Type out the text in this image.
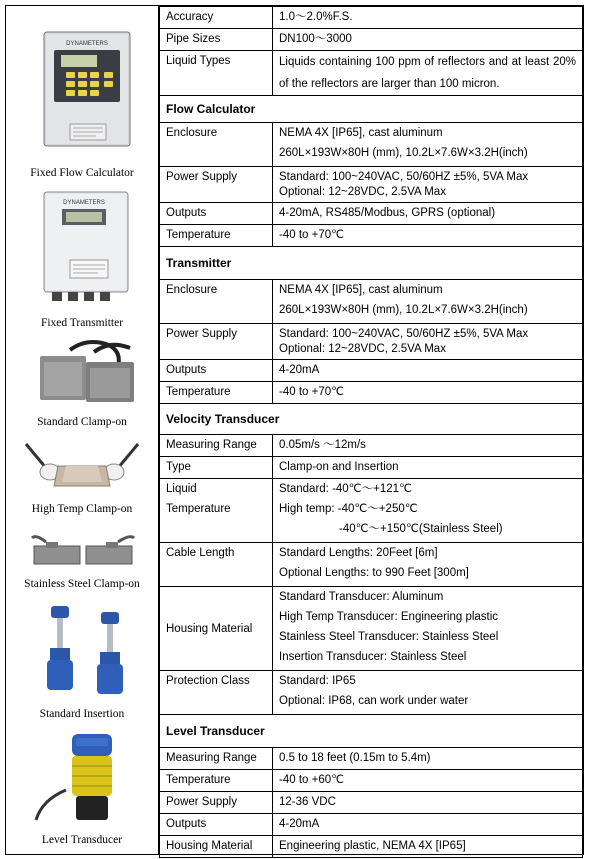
DYNAMETERS
Fixed Flow Calculator
DYNAMETERS
Fixed Transmitter
Standard Clamp-on
High Temp Clamp-on
Stainless Steel Clamp-on
Standard Insertion
Level Transducer
Accuracy	1.0～2.0%F.S.
Pipe Sizes	DN100～3000
Liquid Types	Liquids containing 100 ppm of reflectors and at least 20% of the reflectors are larger than 100 micron.
Flow Calculator	
Enclosure	NEMA 4X [IP65], cast aluminum
260L×193W×80H (mm), 10.2L×7.6W×3.2H(inch)

Power Supply	Standard: 100~240VAC, 50/60HZ ±5%, 5VA Max
Optional: 12~28VDC, 2.5VA Max

Outputs	4-20mA, RS485/Modbus, GPRS (optional)
Temperature	-40 to +70℃
Transmitter	
Enclosure	NEMA 4X [IP65], cast aluminum
260L×193W×80H (mm), 10.2L×7.6W×3.2H(inch)

Power Supply	Standard: 100~240VAC, 50/60HZ ±5%, 5VA Max
Optional: 12~28VDC, 2.5VA Max

Outputs	4-20mA
Temperature	-40 to +70℃
Velocity Transducer	
Measuring Range	0.05m/s ～12m/s
Type	Clamp-on and Insertion

Liquid
Temperature	Standard: -40℃～+121℃
High temp: -40℃～+250℃
-40℃～+150℃(Stainless Steel)

Cable Length	Standard Lengths: 20Feet [6m]
Optional Lengths: to 990 Feet [300m]

Housing Material	Standard Transducer: Aluminum
High Temp Transducer: Engineering plastic
Stainless Steel Transducer: Stainless Steel
Insertion Transducer: Stainless Steel

Protection Class	Standard: IP65
Optional: IP68, can work under water

Level Transducer	
Measuring Range	0.5 to 18 feet (0.15m to 5.4m)
Temperature	-40 to +60℃
Power Supply	12-36 VDC
Outputs	4-20mA
Housing Material	Engineering plastic, NEMA 4X [IP65]
